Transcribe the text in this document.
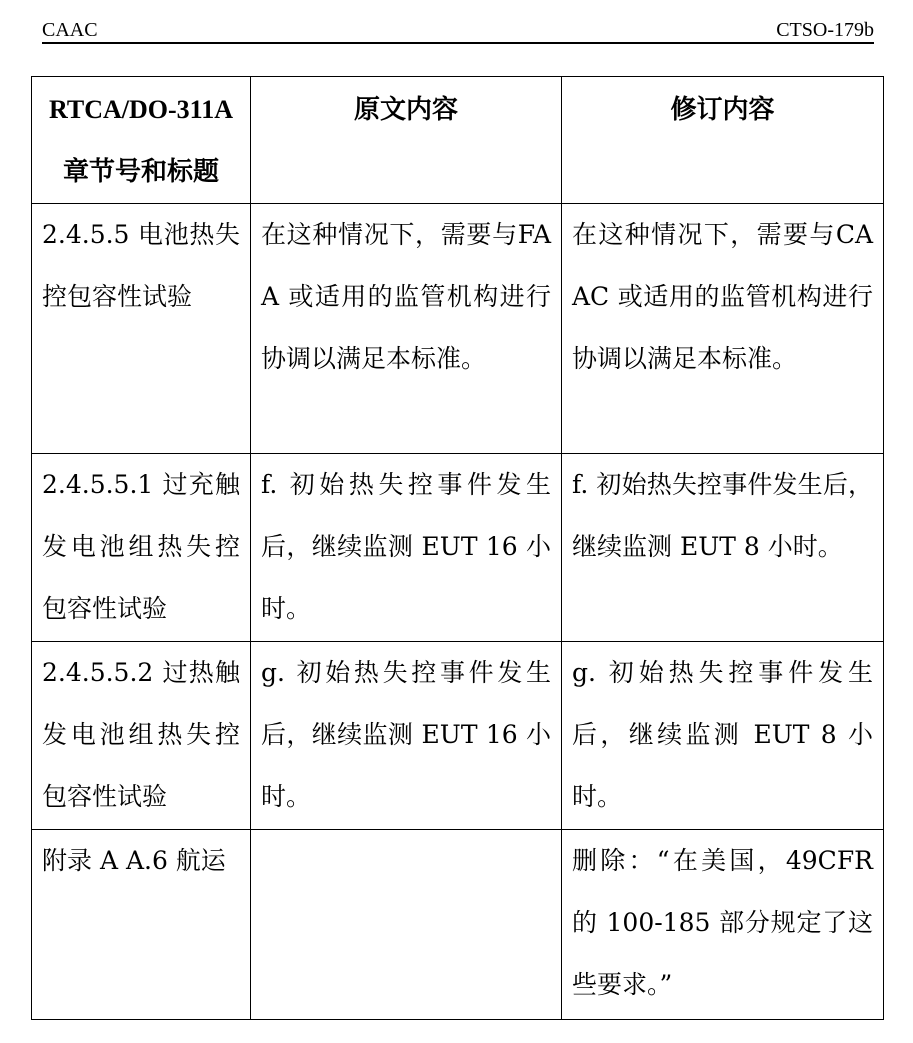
CAAC	CTSO-179b
RTCA/DO-311A 章节号和标题	原文内容	修订内容

2.4.5.5 电池热失控包容性试验	在这种情况下，需要与FAA 或适用的监管机构进行协调以满足本标准。	在这种情况下，需要与CAAC 或适用的监管机构进行协调以满足本标准。

2.4.5.5.1 过充触发电池组热失控包容性试验	f. 初始热失控事件发生后，继续监测 EUT 16 小时。	f. 初始热失控事件发生后，继续监测 EUT 8 小时。

2.4.5.5.2 过热触发电池组热失控包容性试验	g. 初始热失控事件发生后，继续监测 EUT 16 小时。	g. 初始热失控事件发生后，继续监测 EUT 8 小时。

附录 A A.6 航运		删除：“在美国，49CFR 的 100-185 部分规定了这些要求。”
